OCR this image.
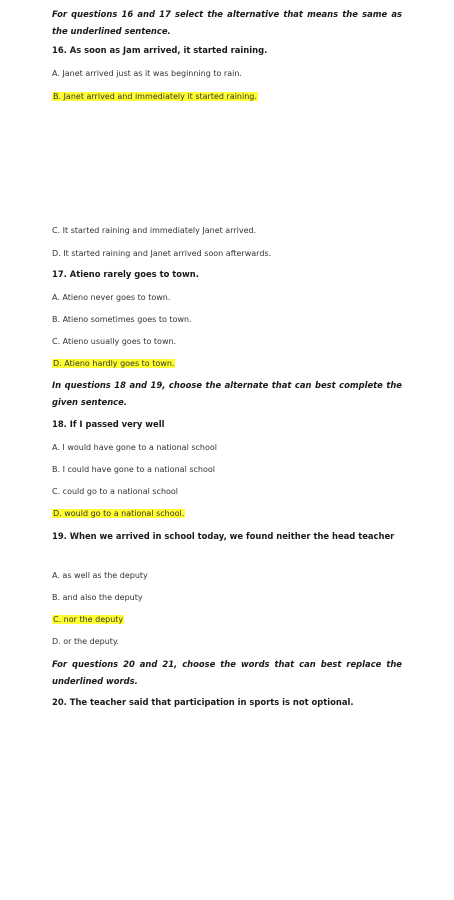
For questions 16 and 17 select the alternative that means the same as the underlined sentence.
16. As soon as Jam arrived, it started raining.
A. Janet arrived just as it was beginning to rain.
B. Janet arrived and immediately it started raining.
C. It started raining and immediately Janet arrived.
D. It started raining and Janet arrived soon afterwards.
17. Atieno rarely goes to town.
A. Atieno never goes to town.
B. Atieno sometimes goes to town.
C. Atieno usually goes to town.
D. Atieno hardly goes to town.
In questions 18 and 19, choose the alternate that can best complete the given sentence.
18. If I passed very well
A. I would have gone to a national school
B. I could have gone to a national school
C. could go to a national school
D. would go to a national school.
19. When we arrived in school today, we found neither the head teacher
A. as well as the deputy
B. and also the deputy
C. nor the deputy
D. or the deputy.
For questions 20 and 21, choose the words that can best replace the underlined words.
20. The teacher said that participation in sports is not optional.
